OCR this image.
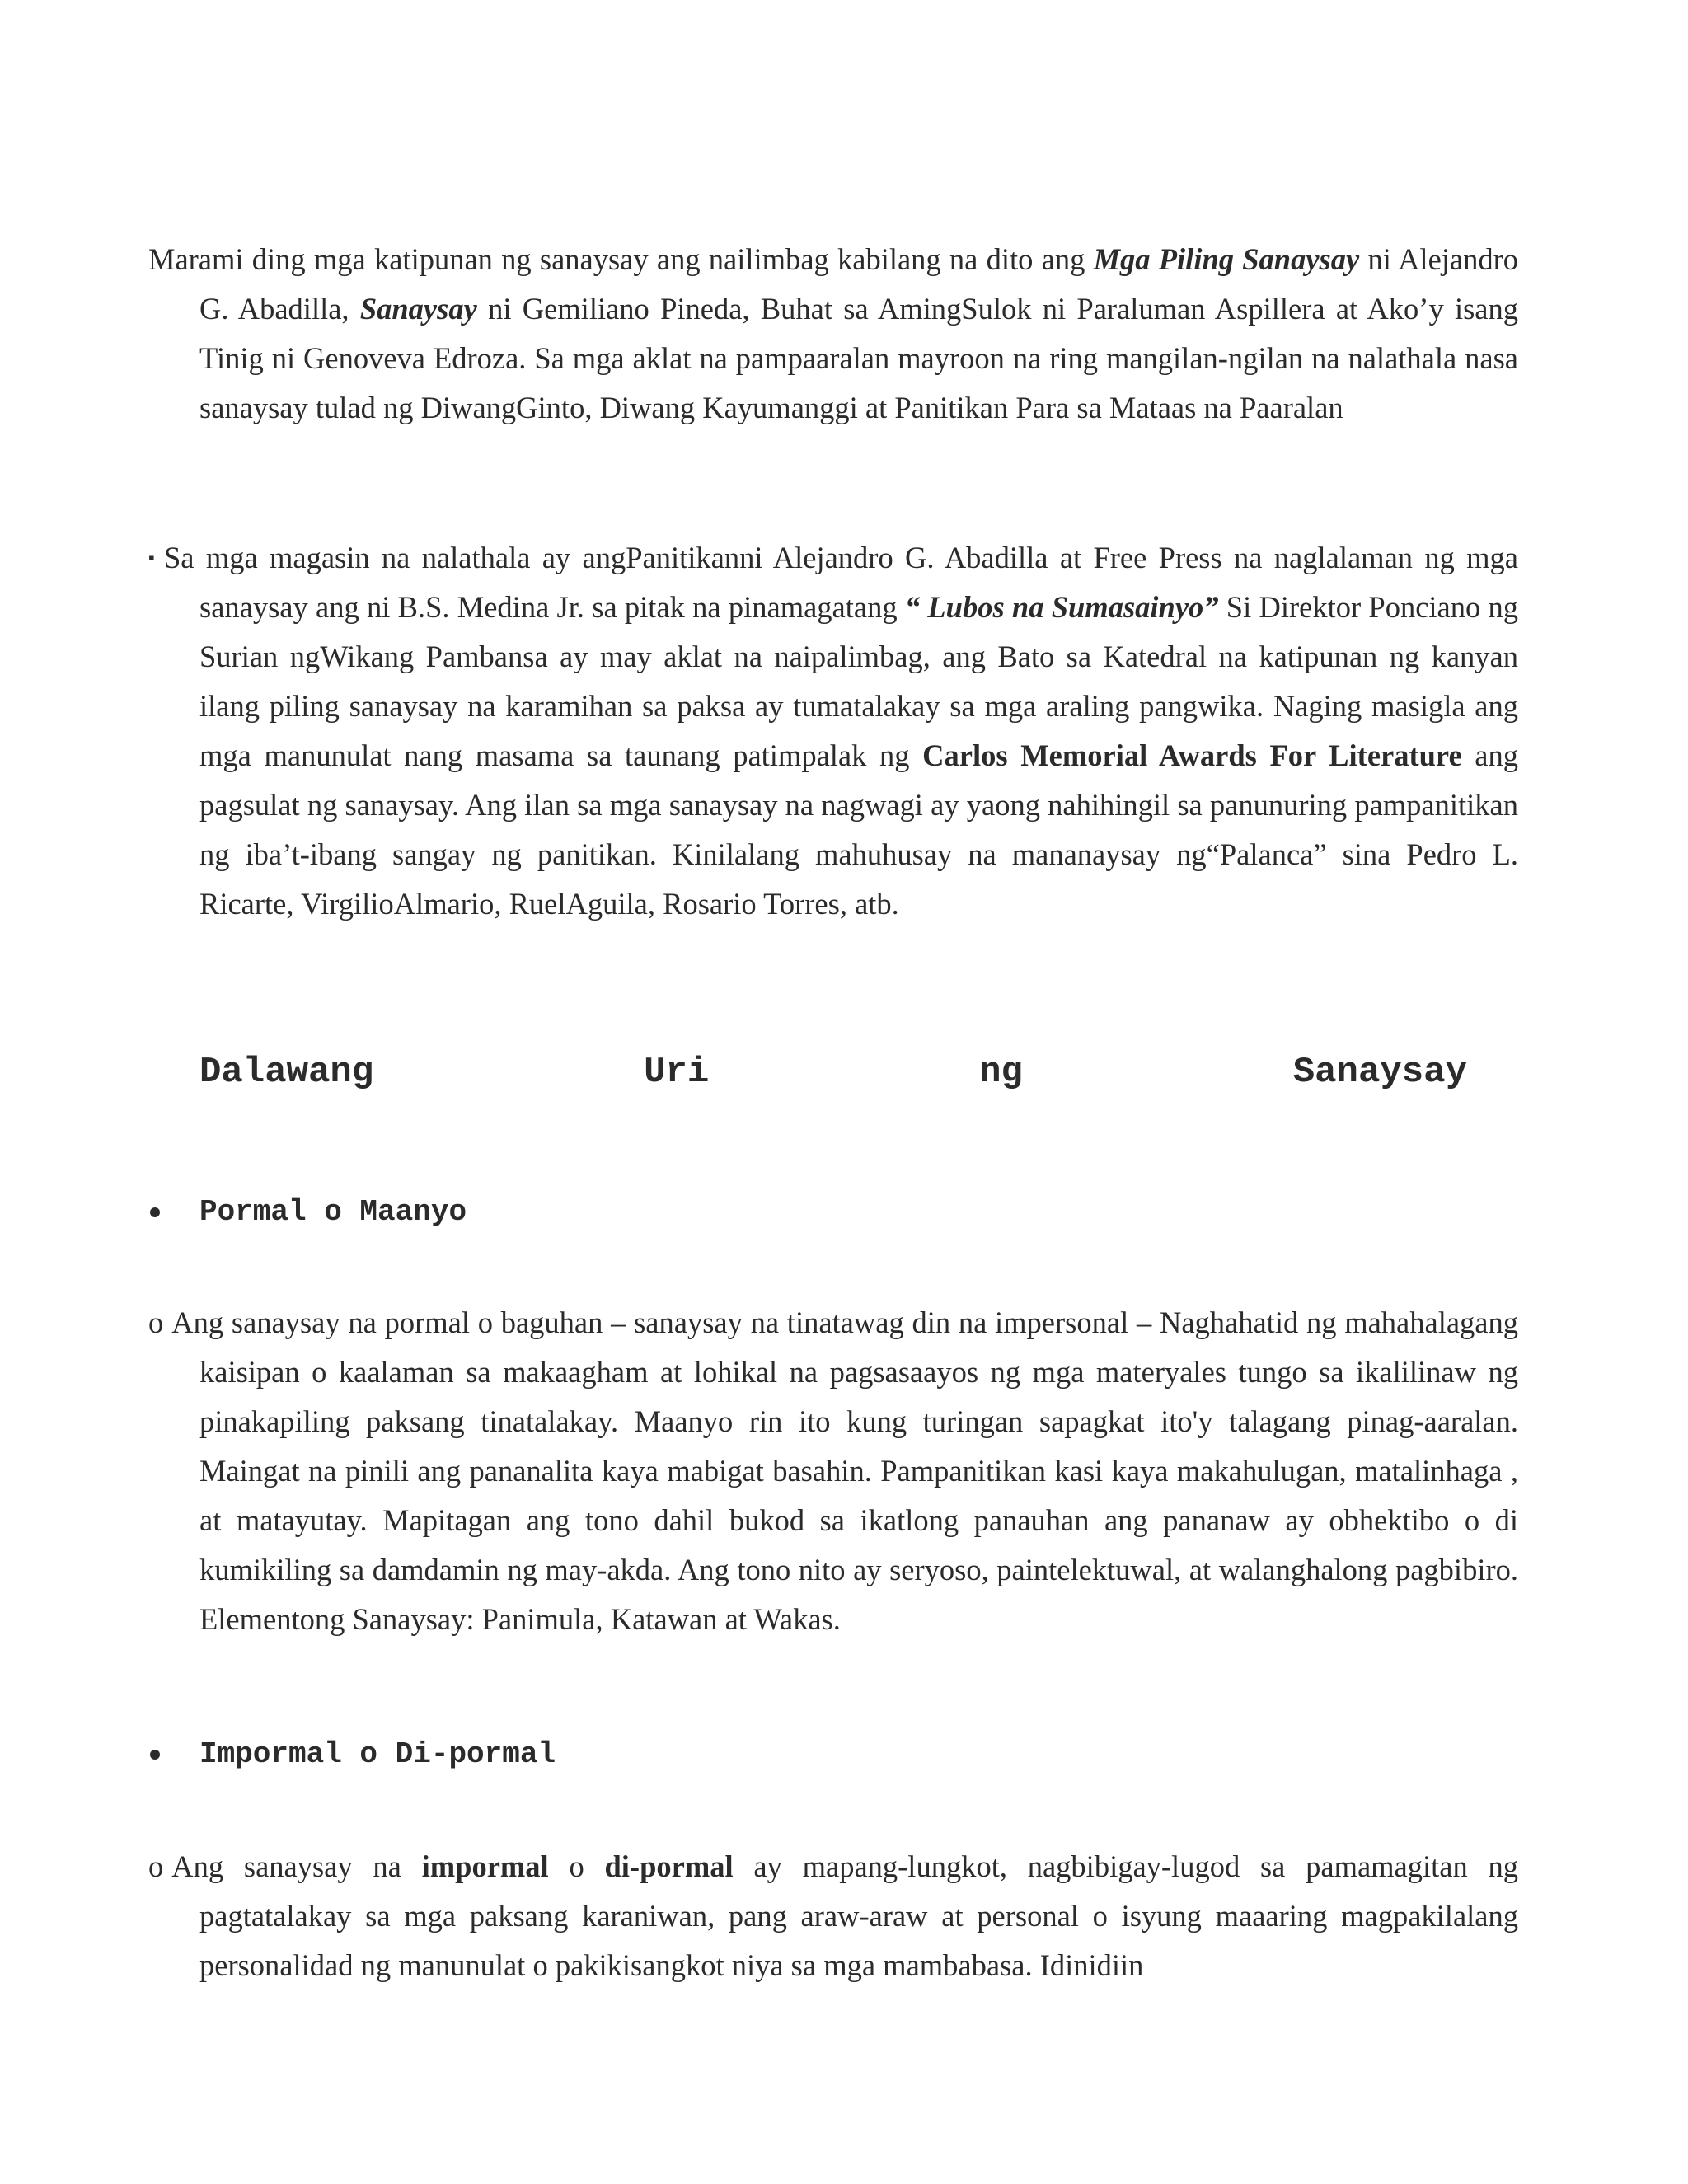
Marami ding mga katipunan ng sanaysay ang nailimbag kabilang na dito ang Mga Piling Sanaysay ni Alejandro G. Abadilla, Sanaysay ni Gemiliano Pineda, Buhat sa AmingSulok ni Paraluman Aspillera at Ako’y isang Tinig ni Genoveva Edroza. Sa mga aklat na pampaaralan mayroon na ring mangilan-ngilan na nalathala nasa sanaysay tulad ng DiwangGinto, Diwang Kayumanggi at Panitikan Para sa Mataas na Paaralan

▪ Sa mga magasin na nalathala ay angPanitikanni Alejandro G. Abadilla at Free Press na naglalaman ng mga sanaysay ang ni B.S. Medina Jr. sa pitak na pinamagatang “ Lubos na Sumasainyo” Si Direktor Ponciano ng Surian ngWikang Pambansa ay may aklat na naipalimbag, ang Bato sa Katedral na katipunan ng kanyan ilang piling sanaysay na karamihan sa paksa ay tumatalakay sa mga araling pangwika. Naging masigla ang mga manunulat nang masama sa taunang patimpalak ng Carlos Memorial Awards For Literature ang pagsulat ng sanaysay. Ang ilan sa mga sanaysay na nagwagi ay yaong nahihingil sa panunuring pampanitikan ng iba’t-ibang sangay ng panitikan. Kinilalang mahuhusay na mananaysay ng“Palanca” sina Pedro L. Ricarte, VirgilioAlmario, RuelAguila, Rosario Torres, atb.

Dalawang	Uri	ng	Sanaysay
Pormal o Maanyo

o Ang sanaysay na pormal o baguhan – sanaysay na tinatawag din na impersonal – Naghahatid ng mahahalagang kaisipan o kaalaman sa makaagham at lohikal na pagsasaayos ng mga materyales tungo sa ikalilinaw ng pinakapiling paksang tinatalakay. Maanyo rin ito kung turingan sapagkat ito'y talagang pinag-aaralan. Maingat na pinili ang pananalita kaya mabigat basahin. Pampanitikan kasi kaya makahulugan, matalinhaga , at matayutay. Mapitagan ang tono dahil bukod sa ikatlong panauhan ang pananaw ay obhektibo o di kumikiling sa damdamin ng may-akda. Ang tono nito ay seryoso, paintelektuwal, at walanghalong pagbibiro. Elementong Sanaysay: Panimula, Katawan at Wakas.

Impormal o Di-pormal

o Ang sanaysay na impormal o di-pormal ay mapang-lungkot, nagbibigay-lugod sa pamamagitan ng pagtatalakay sa mga paksang karaniwan, pang araw-araw at personal o isyung maaaring magpakilalang personalidad ng manunulat o pakikisangkot niya sa mga mambabasa. Idinidiin
